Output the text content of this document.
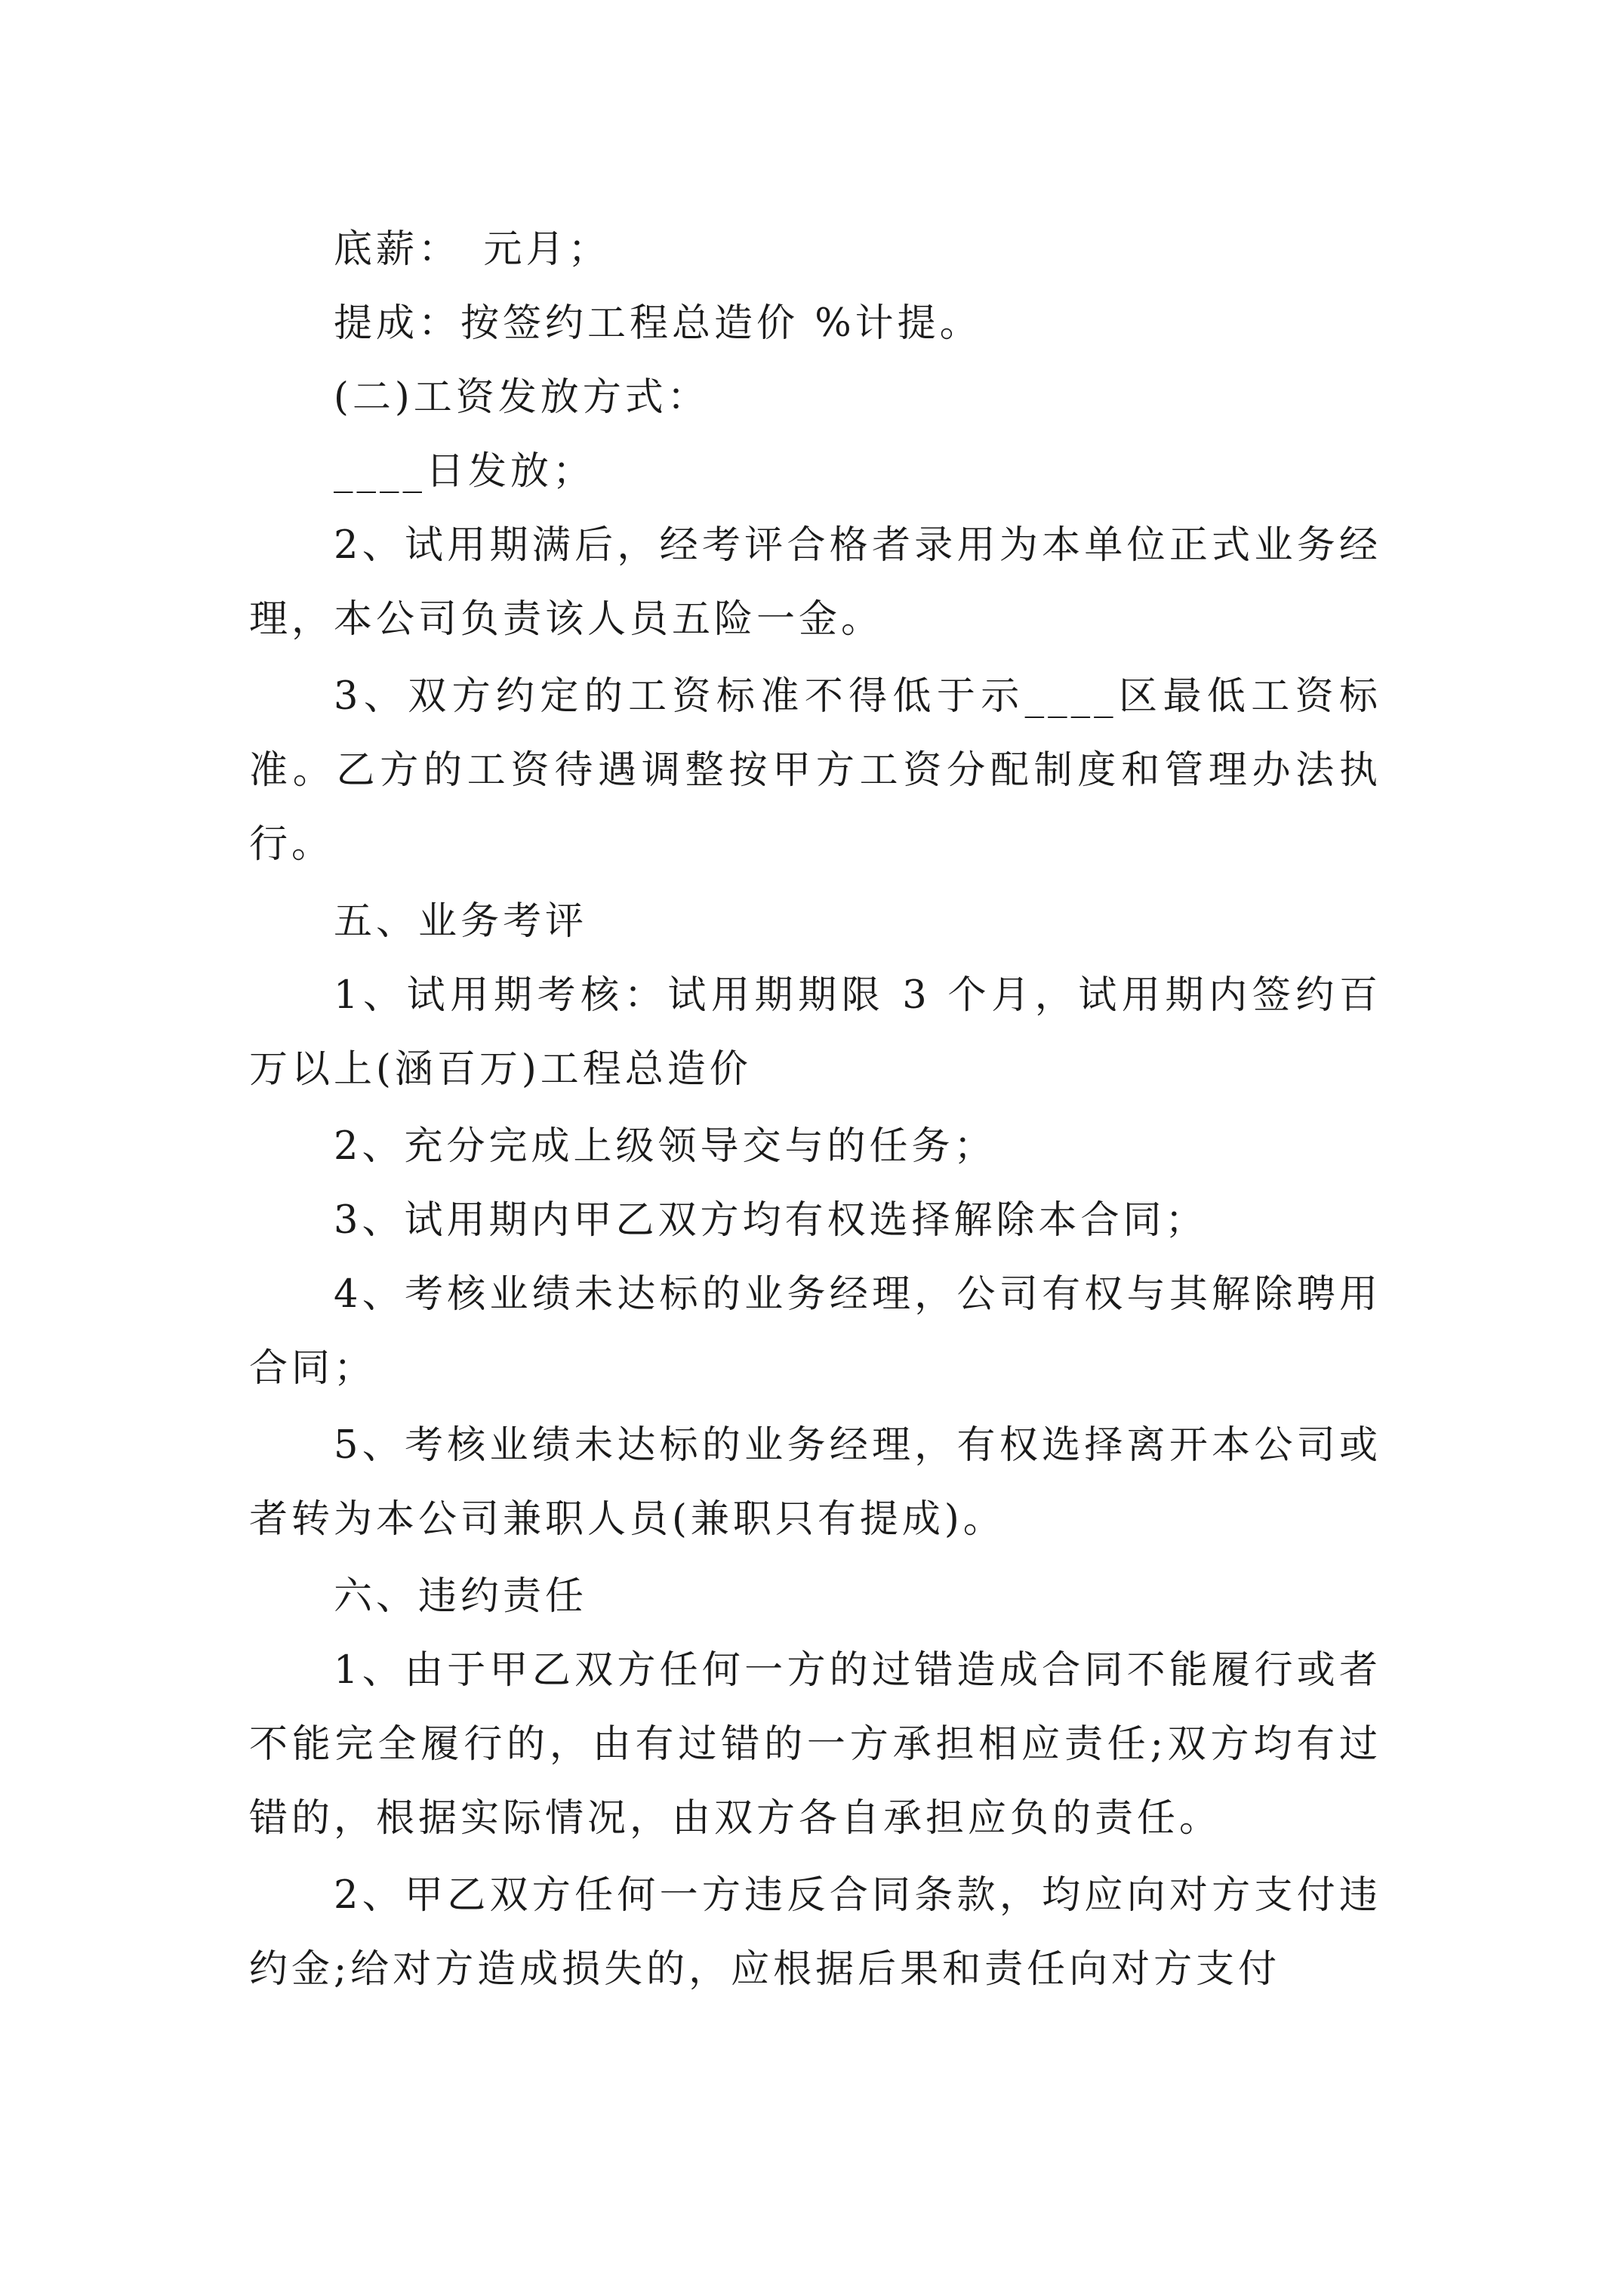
底薪：　元月；

提成：按签约工程总造价 %计提。

(二)工资发放方式：

____日发放；

2、试用期满后，经考评合格者录用为本单位正式业务经理，本公司负责该人员五险一金。

3、双方约定的工资标准不得低于示____区最低工资标准。乙方的工资待遇调整按甲方工资分配制度和管理办法执行。

五、业务考评

1、试用期考核：试用期期限 3 个月，试用期内签约百万以上(涵百万)工程总造价

2、充分完成上级领导交与的任务；

3、试用期内甲乙双方均有权选择解除本合同；

4、考核业绩未达标的业务经理，公司有权与其解除聘用合同；

5、考核业绩未达标的业务经理，有权选择离开本公司或者转为本公司兼职人员(兼职只有提成)。

六、违约责任

1、由于甲乙双方任何一方的过错造成合同不能履行或者不能完全履行的，由有过错的一方承担相应责任;双方均有过错的，根据实际情况，由双方各自承担应负的责任。

2、甲乙双方任何一方违反合同条款，均应向对方支付违约金;给对方造成损失的，应根据后果和责任向对方支付
